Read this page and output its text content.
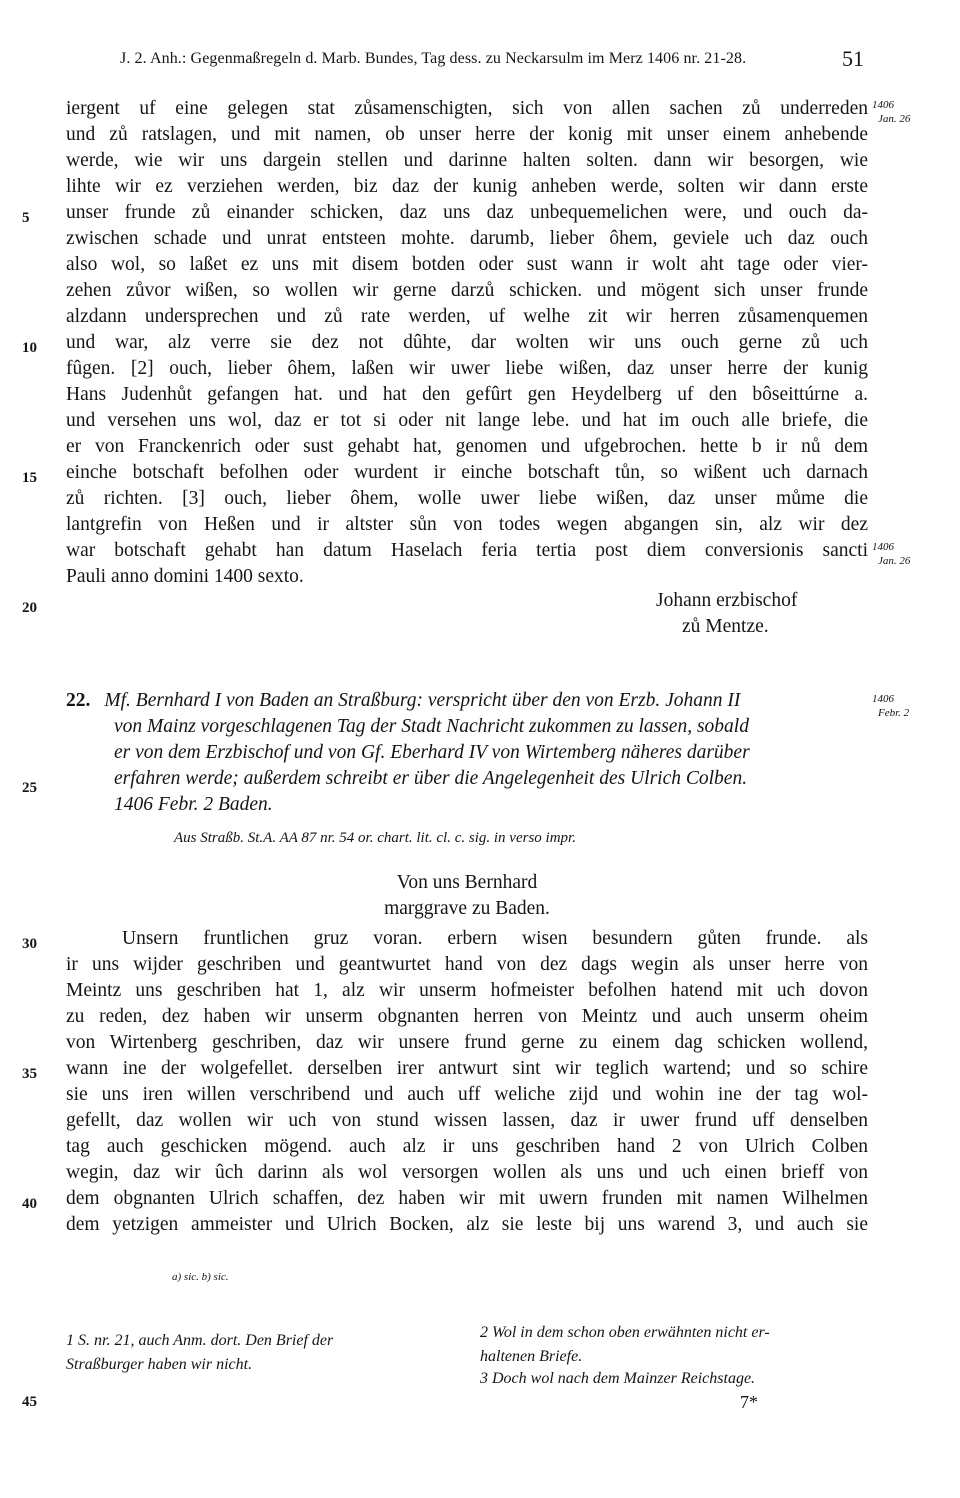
J. 2. Anh.: Gegenmaßregeln d. Marb. Bundes, Tag dess. zu Neckarsulm im Merz 1406 nr. 21-28.	51
iergent uf eine gelegen stat zůsamenschigten, sich von allen sachen zů underreden
und zů ratslagen, und mit namen, ob unser herre der konig mit unser einem anhebende
werde, wie wir uns dargein stellen und darinne halten solten. dann wir besorgen, wie
lihte wir ez verziehen werden, biz daz der kunig anheben werde, solten wir dann erste
unser frunde zů einander schicken, daz uns daz unbequemelichen were, und ouch da-
zwischen schade und unrat entsteen mohte. darumb, lieber ôhem, geviele uch daz ouch
also wol, so laßet ez uns mit disem botden oder sust wann ir wolt aht tage oder vier-
zehen zůvor wißen, so wollen wir gerne darzů schicken. und mögent sich unser frunde
alzdann undersprechen und zů rate werden, uf welhe zit wir herren zůsamenquemen
und war, alz verre sie dez not dûhte, dar wolten wir uns ouch gerne zů uch
fûgen. [2] ouch, lieber ôhem, laßen wir uwer liebe wißen, daz unser herre der kunig
Hans Judenhůt gefangen hat. und hat den gefûrt gen Heydelberg uf den bôseittúrne a.
und versehen uns wol, daz er tot si oder nit lange lebe. und hat im ouch alle briefe, die
er von Franckenrich oder sust gehabt hat, genomen und ufgebrochen. hette b ir nů dem
einche botschaft befolhen oder wurdent ir einche botschaft tůn, so wißent uch darnach
zů richten. [3] ouch, lieber ôhem, wolle uwer liebe wißen, daz unser můme die
lantgrefin von Heßen und ir altster sůn von todes wegen abgangen sin, alz wir dez
war botschaft gehabt han datum Haselach feria tertia post diem conversionis sancti
Pauli anno domini 1400 sexto.
5
10
15
20
25
30
35
40
45
1406
Jan. 26
1406
Jan. 26
1406
Febr. 2
Johann erzbischof
zů Mentze.
22. Mf. Bernhard I von Baden an Straßburg: verspricht über den von Erzb. Johann II
von Mainz vorgeschlagenen Tag der Stadt Nachricht zukommen zu lassen, sobald
er von dem Erzbischof und von Gf. Eberhard IV von Wirtemberg näheres darüber
erfahren werde; außerdem schreibt er über die Angelegenheit des Ulrich Colben.
1406 Febr. 2 Baden.
Aus Straßb. St.A. AA 87 nr. 54 or. chart. lit. cl. c. sig. in verso impr.
Von uns Bernhard
marggrave zu Baden.
Unsern fruntlichen gruz voran. erbern wisen besundern gůten frunde. als
ir uns wijder geschriben und geantwurtet hand von dez dags wegin als unser herre von
Meintz uns geschriben hat 1, alz wir unserm hofmeister befolhen hatend mit uch dovon
zu reden, dez haben wir unserm obgnanten herren von Meintz und auch unserm oheim
von Wirtenberg geschriben, daz wir unsere frund gerne zu einem dag schicken wollend,
wann ine der wolgefellet. derselben irer antwurt sint wir teglich wartend; und so schire
sie uns iren willen verschribend und auch uff weliche zijd und wohin ine der tag wol-
gefellt, daz wollen wir uch von stund wissen lassen, daz ir uwer frund uff denselben
tag auch geschicken mögend. auch alz ir uns geschriben hand 2 von Ulrich Colben
wegin, daz wir ûch darinn als wol versorgen wollen als uns und uch einen brieff von
dem obgnanten Ulrich schaffen, dez haben wir mit uwern frunden mit namen Wilhelmen
dem yetzigen ammeister und Ulrich Bocken, alz sie leste bij uns warend 3, und auch sie
a) sic. b) sic.
1 S. nr. 21, auch Anm. dort. Den Brief der
Straßburger haben wir nicht.
2 Wol in dem schon oben erwähnten nicht er-
haltenen Briefe.
3 Doch wol nach dem Mainzer Reichstage.
7*
